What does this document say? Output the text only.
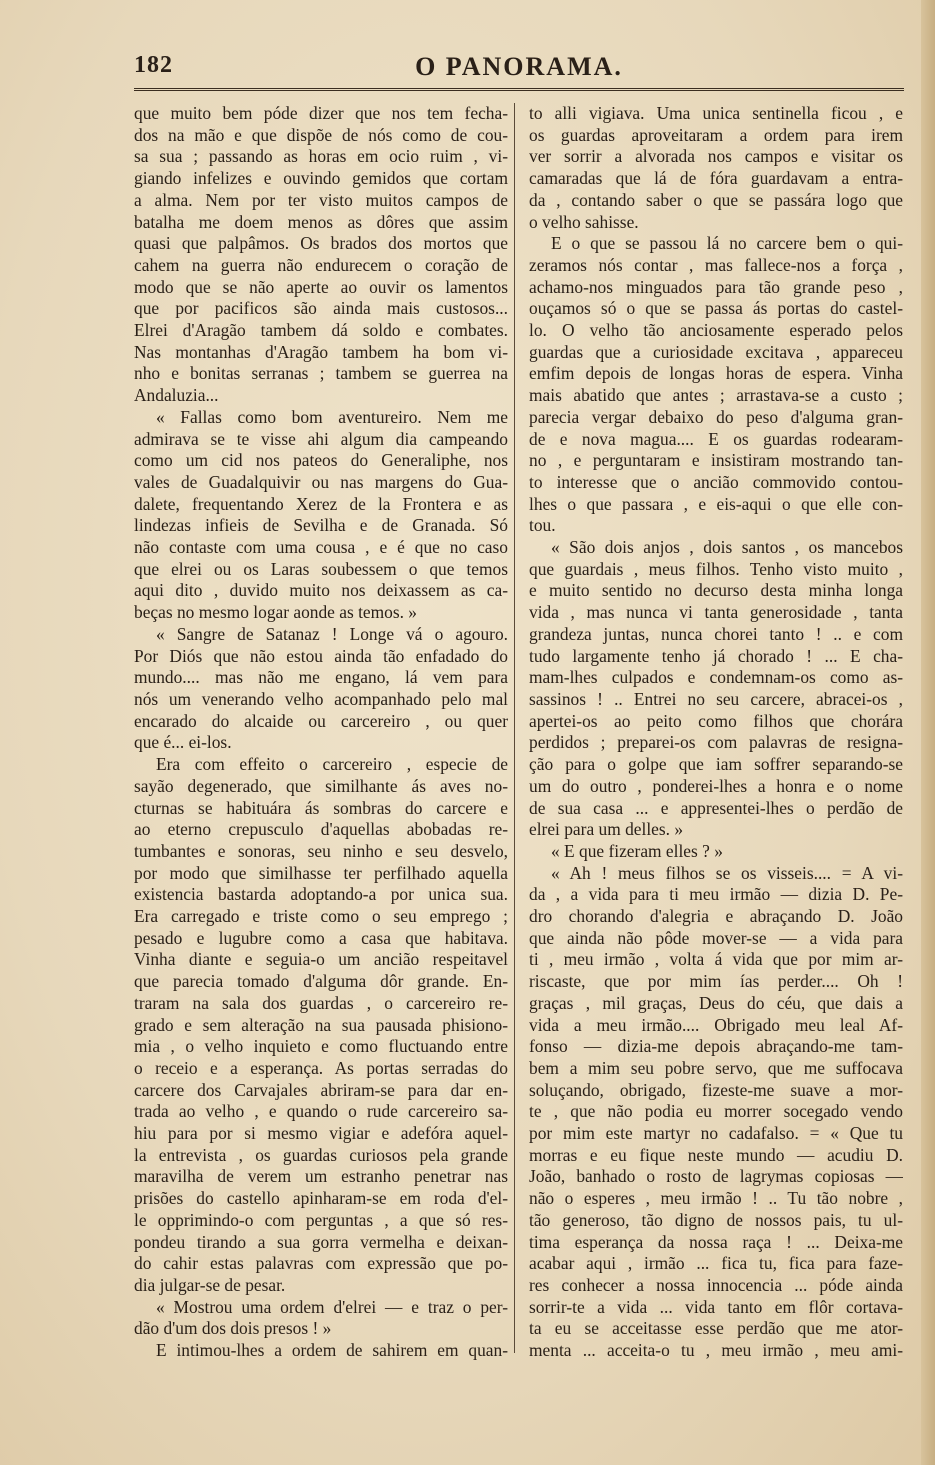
O PANORAMA.
182
que muito bem póde dizer que nos tem fecha-
dos na mão e que dispõe de nós como de cou-
sa sua ; passando as horas em ocio ruim , vi-
giando infelizes e ouvindo gemidos que cortam
a alma. Nem por ter visto muitos campos de
batalha me doem menos as dôres que assim
quasi que palpâmos. Os brados dos mortos que
cahem na guerra não endurecem o coração de
modo que se não aperte ao ouvir os lamentos
que por pacificos são ainda mais custosos...
Elrei d'Aragão tambem dá soldo e combates.
Nas montanhas d'Aragão tambem ha bom vi-
nho e bonitas serranas ; tambem se guerrea na
Andaluzia...
« Fallas como bom aventureiro. Nem me
admirava se te visse ahi algum dia campeando
como um cid nos pateos do Generaliphe, nos
vales de Guadalquivir ou nas margens do Gua-
dalete, frequentando Xerez de la Frontera e as
lindezas infieis de Sevilha e de Granada. Só
não contaste com uma cousa , e é que no caso
que elrei ou os Laras soubessem o que temos
aqui dito , duvido muito nos deixassem as ca-
beças no mesmo logar aonde as temos. »
« Sangre de Satanaz ! Longe vá o agouro.
Por Diós que não estou ainda tão enfadado do
mundo.... mas não me engano, lá vem para
nós um venerando velho acompanhado pelo mal
encarado do alcaide ou carcereiro , ou quer
que é... ei-los.
Era com effeito o carcereiro , especie de
sayão degenerado, que similhante ás aves no-
cturnas se habituára ás sombras do carcere e
ao eterno crepusculo d'aquellas abobadas re-
tumbantes e sonoras, seu ninho e seu desvelo,
por modo que similhasse ter perfilhado aquella
existencia bastarda adoptando-a por unica sua.
Era carregado e triste como o seu emprego ;
pesado e lugubre como a casa que habitava.
Vinha diante e seguia-o um ancião respeitavel
que parecia tomado d'alguma dôr grande. En-
traram na sala dos guardas , o carcereiro re-
grado e sem alteração na sua pausada phisiono-
mia , o velho inquieto e como fluctuando entre
o receio e a esperança. As portas serradas do
carcere dos Carvajales abriram-se para dar en-
trada ao velho , e quando o rude carcereiro sa-
hiu para por si mesmo vigiar e adefóra aquel-
la entrevista , os guardas curiosos pela grande
maravilha de verem um estranho penetrar nas
prisões do castello apinharam-se em roda d'el-
le opprimindo-o com perguntas , a que só res-
pondeu tirando a sua gorra vermelha e deixan-
do cahir estas palavras com expressão que po-
dia julgar-se de pesar.
« Mostrou uma ordem d'elrei — e traz o per-
dão d'um dos dois presos ! »
E intimou-lhes a ordem de sahirem em quan-
to alli vigiava. Uma unica sentinella ficou , e
os guardas aproveitaram a ordem para irem
ver sorrir a alvorada nos campos e visitar os
camaradas que lá de fóra guardavam a entra-
da , contando saber o que se passára logo que
o velho sahisse.
E o que se passou lá no carcere bem o qui-
zeramos nós contar , mas fallece-nos a força ,
achamo-nos minguados para tão grande peso ,
ouçamos só o que se passa ás portas do castel-
lo. O velho tão anciosamente esperado pelos
guardas que a curiosidade excitava , appareceu
emfim depois de longas horas de espera. Vinha
mais abatido que antes ; arrastava-se a custo ;
parecia vergar debaixo do peso d'alguma gran-
de e nova magua.... E os guardas rodearam-
no , e perguntaram e insistiram mostrando tan-
to interesse que o ancião commovido contou-
lhes o que passara , e eis-aqui o que elle con-
tou.
« São dois anjos , dois santos , os mancebos
que guardais , meus filhos. Tenho visto muito ,
e muito sentido no decurso desta minha longa
vida , mas nunca vi tanta generosidade , tanta
grandeza juntas, nunca chorei tanto ! .. e com
tudo largamente tenho já chorado ! ... E cha-
mam-lhes culpados e condemnam-os como as-
sassinos ! .. Entrei no seu carcere, abracei-os ,
apertei-os ao peito como filhos que chorára
perdidos ; preparei-os com palavras de resigna-
ção para o golpe que iam soffrer separando-se
um do outro , ponderei-lhes a honra e o nome
de sua casa ... e appresentei-lhes o perdão de
elrei para um delles. »
« E que fizeram elles ? »
« Ah ! meus filhos se os visseis.... = A vi-
da , a vida para ti meu irmão — dizia D. Pe-
dro chorando d'alegria e abraçando D. João
que ainda não pôde mover-se — a vida para
ti , meu irmão , volta á vida que por mim ar-
riscaste, que por mim ías perder.... Oh !
graças , mil graças, Deus do céu, que dais a
vida a meu irmão.... Obrigado meu leal Af-
fonso — dizia-me depois abraçando-me tam-
bem a mim seu pobre servo, que me suffocava
soluçando, obrigado, fizeste-me suave a mor-
te , que não podia eu morrer socegado vendo
por mim este martyr no cadafalso. = « Que tu
morras e eu fique neste mundo — acudiu D.
João, banhado o rosto de lagrymas copiosas —
não o esperes , meu irmão ! .. Tu tão nobre ,
tão generoso, tão digno de nossos pais, tu ul-
tima esperança da nossa raça ! ... Deixa-me
acabar aqui , irmão ... fica tu, fica para faze-
res conhecer a nossa innocencia ... póde ainda
sorrir-te a vida ... vida tanto em flôr cortava-
ta eu se acceitasse esse perdão que me ator-
menta ... acceita-o tu , meu irmão , meu ami-
